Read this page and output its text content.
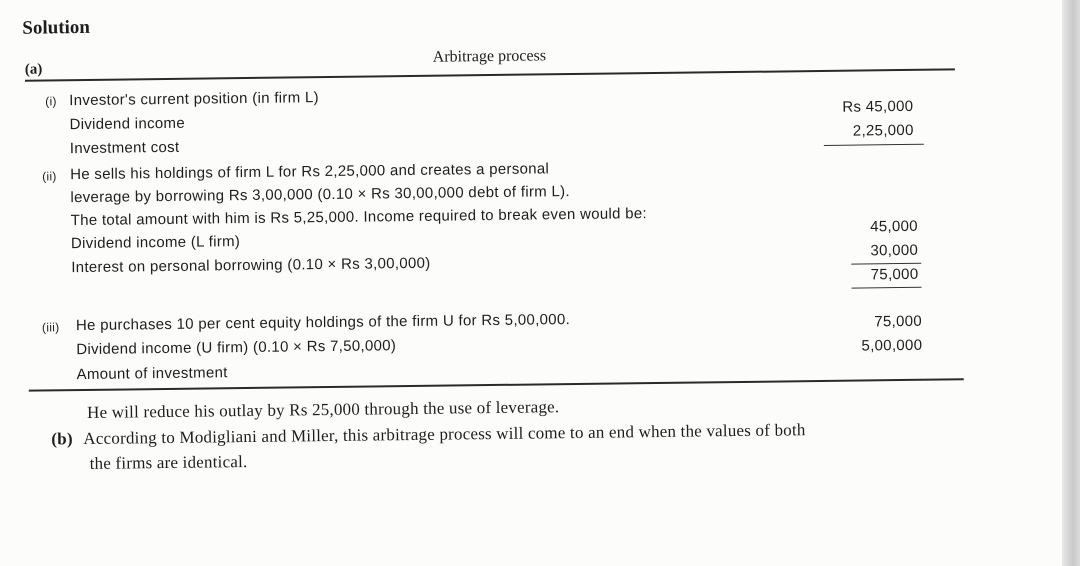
Solution
(a)
Arbitrage process
(i) Investor's current position (in firm L)
Dividend income
Rs 45,000
Investment cost
2,25,000
(ii) He sells his holdings of firm L for Rs 2,25,000 and creates a personal
leverage by borrowing Rs 3,00,000 (0.10 × Rs 30,00,000 debt of firm L).
The total amount with him is Rs 5,25,000. Income required to break even would be:
Dividend income (L firm)
45,000
Interest on personal borrowing (0.10 × Rs 3,00,000)
30,000
75,000
(iii) He purchases 10 per cent equity holdings of the firm U for Rs 5,00,000.
Dividend income (U firm) (0.10 × Rs 7,50,000)
75,000
Amount of investment
5,00,000
He will reduce his outlay by Rs 25,000 through the use of leverage.
(b) According to Modigliani and Miller, this arbitrage process will come to an end when the values of both
the firms are identical.
